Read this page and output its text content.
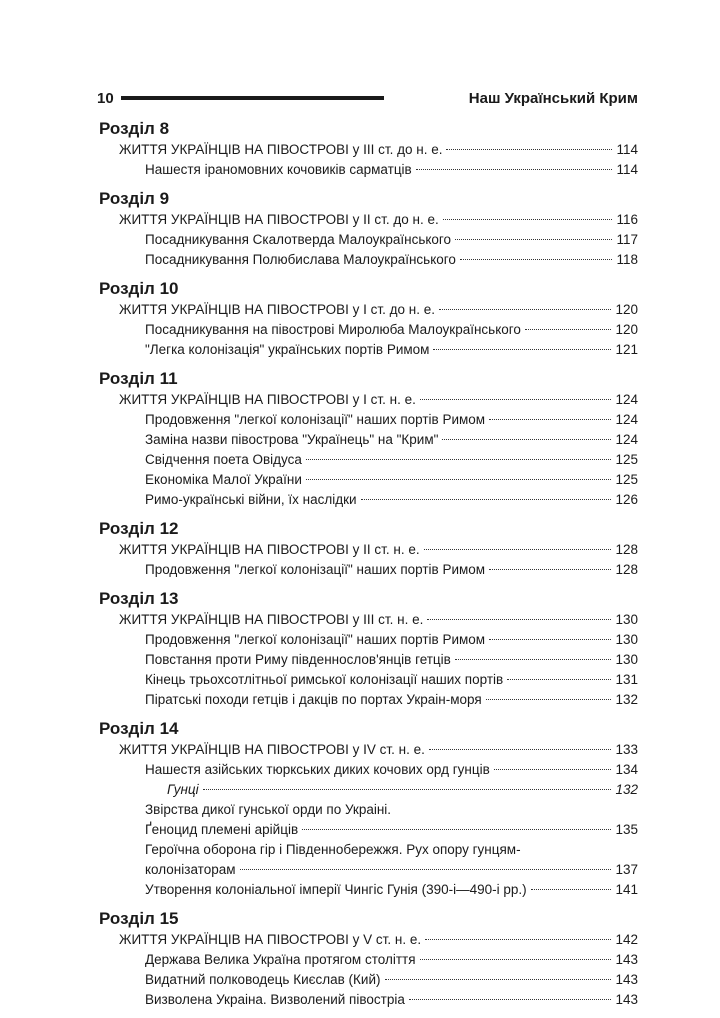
10	Наш Український Крим
Розділ 8
ЖИТТЯ УКРАЇНЦІВ НА ПІВОСТРОВІ у ІІІ ст. до н. е.	114
Нашестя іраномовних кочовиків сарматців	114
Розділ 9
ЖИТТЯ УКРАЇНЦІВ НА ПІВОСТРОВІ у ІІ ст. до н. е.	116
Посадникування Скалотверда Малоукраїнського	117
Посадникування Полюбислава Малоукраїнського	118
Розділ 10
ЖИТТЯ УКРАЇНЦІВ НА ПІВОСТРОВІ у І ст. до н. е.	120
Посадникування на півострові Миролюба Малоукраїнського	120
"Легка колонізація" українських портів Римом	121
Розділ 11
ЖИТТЯ УКРАЇНЦІВ НА ПІВОСТРОВІ у І ст. н. е.	124
Продовження "легкої колонізації" наших портів Римом	124
Заміна назви півострова "Українець" на "Крим"	124
Свідчення поета Овідуса	125
Економіка Малої України	125
Римо-українські війни, їх наслідки	126
Розділ 12
ЖИТТЯ УКРАЇНЦІВ НА ПІВОСТРОВІ у ІІ ст. н. е.	128
Продовження "легкої колонізації" наших портів Римом	128
Розділ 13
ЖИТТЯ УКРАЇНЦІВ НА ПІВОСТРОВІ у ІІІ ст. н. е.	130
Продовження "легкої колонізації" наших портів Римом	130
Повстання проти Риму південнослов'янців гетців	130
Кінець трьохсотлітньої римської колонізації наших портів	131
Піратські походи гетців і дакців по портах Украін-моря	132
Розділ 14
ЖИТТЯ УКРАЇНЦІВ НА ПІВОСТРОВІ у IV ст. н. е.	133
Нашестя азійських тюркських диких кочових орд гунців	134
Гунці	132
Звірства дикої гунської орди по Украіні.
Ґеноцид племені арійців	135
Героїчна оборона гір і Південнобережжя. Рух опору гунцям-
колонізаторам	137
Утворення колоніальної імперії Чингіс Гунія (390-і—490-і рр.)	141
Розділ 15
ЖИТТЯ УКРАЇНЦІВ НА ПІВОСТРОВІ у V ст. н. е.	142
Держава Велика Україна протягом століття	143
Видатний полководець Києслав (Кий)	143
Визволена Украіна. Визволений півостріа	143
